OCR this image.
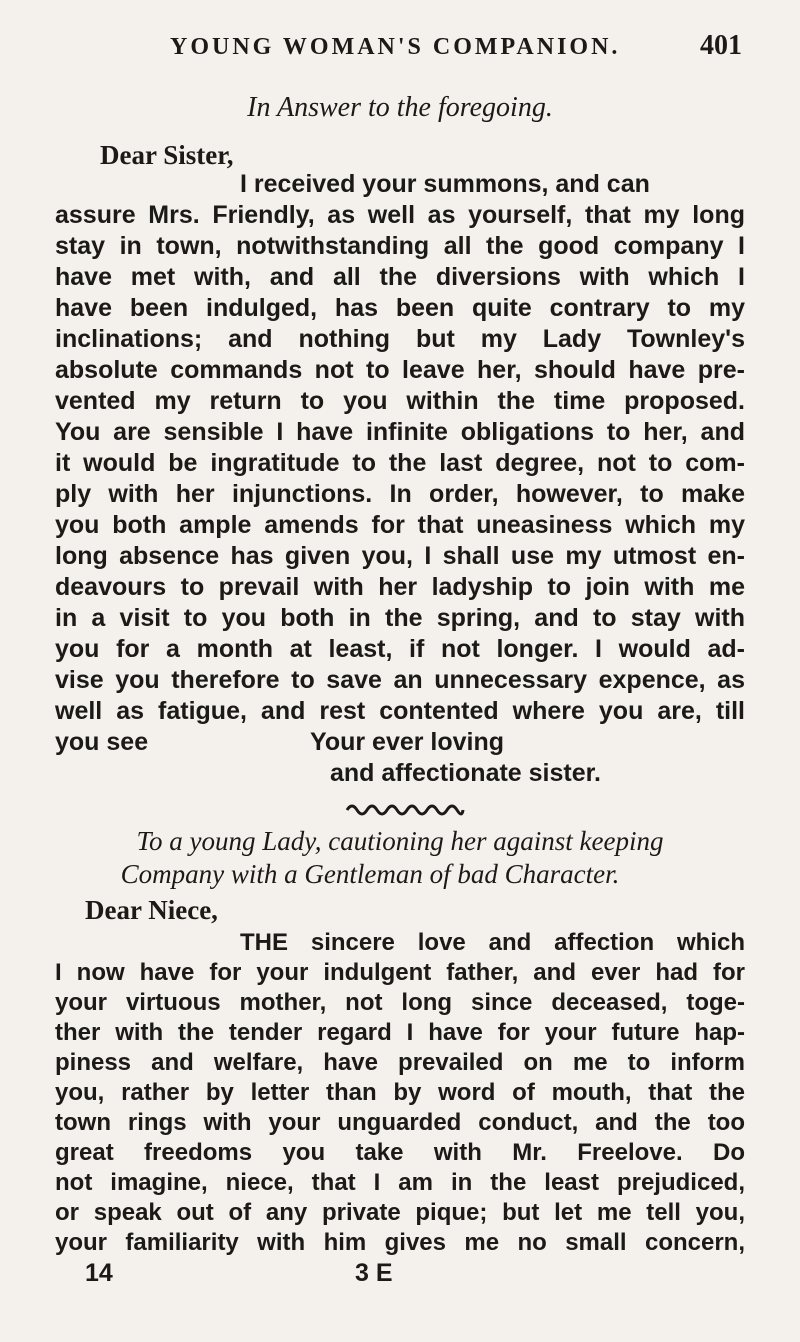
YOUNG WOMAN'S COMPANION.	401
In Answer to the foregoing.
Dear Sister,
I received your summons, and can
assure Mrs. Friendly, as well as yourself, that my long
stay in town, notwithstanding all the good company I
have met with, and all the diversions with which I
have been indulged, has been quite contrary to my
inclinations; and nothing but my Lady Townley's
absolute commands not to leave her, should have pre-
vented my return to you within the time proposed.
You are sensible I have infinite obligations to her, and
it would be ingratitude to the last degree, not to com-
ply with her injunctions. In order, however, to make
you both ample amends for that uneasiness which my
long absence has given you, I shall use my utmost en-
deavours to prevail with her ladyship to join with me
in a visit to you both in the spring, and to stay with
you for a month at least, if not longer. I would ad-
vise you therefore to save an unnecessary expence, as
well as fatigue, and rest contented where you are, till
you see	Your ever loving
and affectionate sister.
To a young Lady, cautioning her against keeping
Company with a Gentleman of bad Character.
Dear Niece,
THE sincere love and affection which
I now have for your indulgent father, and ever had for
your virtuous mother, not long since deceased, toge-
ther with the tender regard I have for your future hap-
piness and welfare, have prevailed on me to inform
you, rather by letter than by word of mouth, that the
town rings with your unguarded conduct, and the too
great freedoms you take with Mr. Freelove. Do
not imagine, niece, that I am in the least prejudiced,
or speak out of any private pique; but let me tell you,
your familiarity with him gives me no small concern,
14	3 E
